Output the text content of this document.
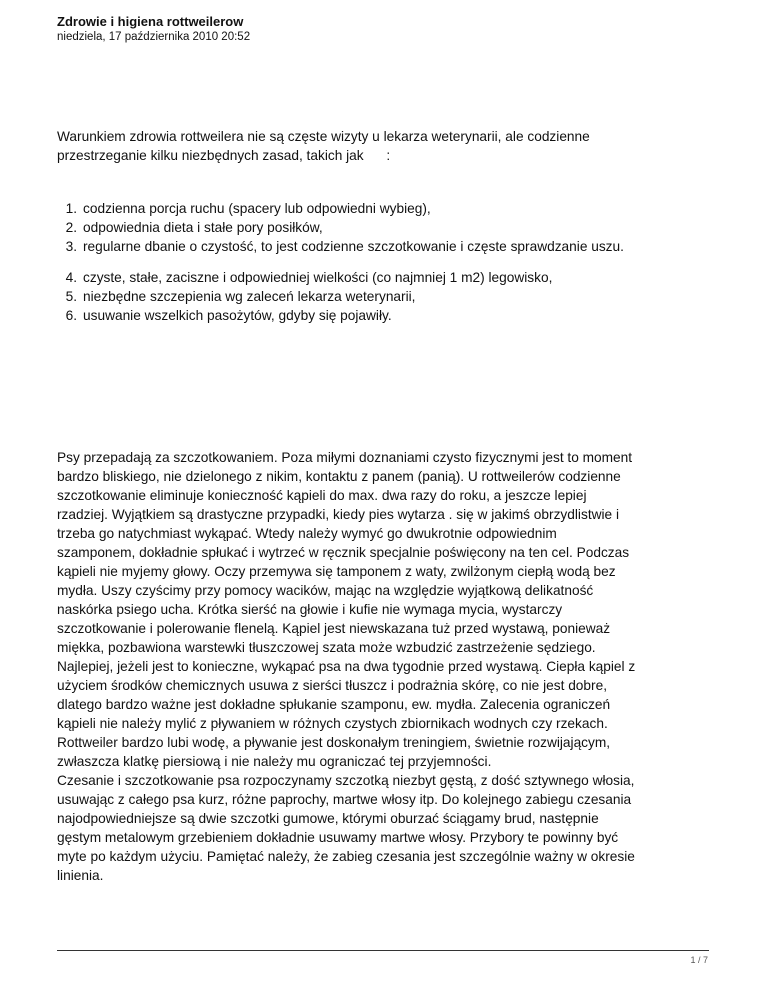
Zdrowie i higiena rottweilerow

niedziela, 17 października 2010 20:52

Warunkiem zdrowia rottweilera nie są częste wizyty u lekarza weterynarii, ale codzienne

przestrzeganie kilku niezbędnych zasad, takich jak      :

1. codzienna porcja ruchu (spacery lub odpowiedni wybieg),
2. odpowiednia dieta i stałe pory posiłków,
3. regularne dbanie o czystość, to jest codzienne szczotkowanie i częste sprawdzanie uszu.
4. czyste, stałe, zaciszne i odpowiedniej wielkości (co najmniej 1 m2) legowisko,
5. niezbędne szczepienia wg zaleceń lekarza weterynarii,
6. usuwanie wszelkich pasożytów, gdyby się pojawiły.

Psy przepadają za szczotkowaniem. Poza miłymi doznaniami czysto fizycznymi jest to moment

bardzo bliskiego, nie dzielonego z nikim, kontaktu z panem (panią). U rottweilerów codzienne

szczotkowanie eliminuje konieczność kąpieli do max. dwa razy do roku, a jeszcze lepiej

rzadziej. Wyjątkiem są drastyczne przypadki, kiedy pies wytarza . się w jakimś obrzydlistwie i

trzeba go natychmiast wykąpać. Wtedy należy wymyć go dwukrotnie odpowiednim

szamponem, dokładnie spłukać i wytrzeć w ręcznik specjalnie poświęcony na ten cel. Podczas

kąpieli nie myjemy głowy. Oczy przemywa się tamponem z waty, zwilżonym ciepłą wodą bez

mydła. Uszy czyścimy przy pomocy wacików, mając na względzie wyjątkową delikatność

naskórka psiego ucha. Krótka sierść na głowie i kufie nie wymaga mycia, wystarczy

szczotkowanie i polerowanie flenelą. Kąpiel jest niewskazana tuż przed wystawą, ponieważ

miękka, pozbawiona warstewki tłuszczowej szata może wzbudzić zastrzeżenie sędziego.

Najlepiej, jeżeli jest to konieczne, wykąpać psa na dwa tygodnie przed wystawą. Ciepła kąpiel z

użyciem środków chemicznych usuwa z sierści tłuszcz i podrażnia skórę, co nie jest dobre,

dlatego bardzo ważne jest dokładne spłukanie szamponu, ew. mydła. Zalecenia ograniczeń

kąpieli nie należy mylić z pływaniem w różnych czystych zbiornikach wodnych czy rzekach.

Rottweiler bardzo lubi wodę, a pływanie jest doskonałym treningiem, świetnie rozwijającym,

zwłaszcza klatkę piersiową i nie należy mu ograniczać tej przyjemności.

Czesanie i szczotkowanie psa rozpoczynamy szczotką niezbyt gęstą, z dość sztywnego włosia,

usuwając z całego psa kurz, różne paprochy, martwe włosy itp. Do kolejnego zabiegu czesania

najodpowiedniejsze są dwie szczotki gumowe, którymi oburzać ściągamy brud, następnie

gęstym metalowym grzebieniem dokładnie usuwamy martwe włosy. Przybory te powinny być

myte po każdym użyciu. Pamiętać należy, że zabieg czesania jest szczególnie ważny w okresie

linienia.

1 / 7
